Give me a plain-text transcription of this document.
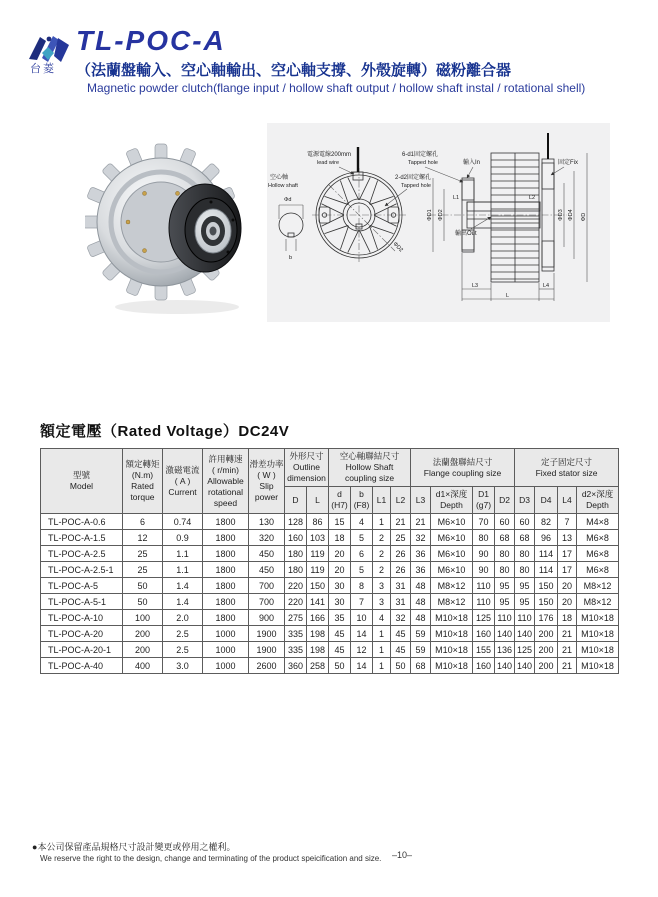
台菱
TL-POC-A
（法蘭盤輸入、空心軸輸出、空心軸支撐、外殼旋轉）磁粉離合器
Magnetic powder clutch(flange input / hollow shaft output / hollow shaft instal / rotational shell)
空心軸
Hollow shaft
Φd
b
ΦD2
電源電線200mm
lead wire
6-d1固定螺孔
Tapped hole
2-d2固定螺孔
Tapped hole
輸入In	固定Fix
輸出Out
L1	L2
ΦD1 ΦD2	ΦD3 ΦD4 ΦD
L3	L4
L

額定電壓（Rated Voltage）DC24V

型號
Model	額定轉矩
(N.m)
Rated
torque	激磁電流
( A )
Current	許用轉速
( r/min)
Allowable
rotational
speed	滑差功率
( W )
Slip
power	外形尺寸
Outline
dimension		空心軸聯結尺寸
Hollow Shaft
coupling size				法蘭盤聯結尺寸
Flange coupling size				定子固定尺寸
Fixed stator size			
					D	L	d
(H7)	b
(F8)	L1	L2	L3	d1×深度
Depth	D1
(g7)	D2	D3	D4	L4	d2×深度
Depth
TL-POC-A-0.6	6	0.74	1800	130	128	86	15	4	1	21	21	M6×10	70	60	60	82	7	M4×8
TL-POC-A-1.5	12	0.9	1800	320	160	103	18	5	2	25	32	M6×10	80	68	68	96	13	M6×8
TL-POC-A-2.5	25	1.1	1800	450	180	119	20	6	2	26	36	M6×10	90	80	80	114	17	M6×8
TL-POC-A-2.5-1	25	1.1	1800	450	180	119	20	5	2	26	36	M6×10	90	80	80	114	17	M6×8
TL-POC-A-5	50	1.4	1800	700	220	150	30	8	3	31	48	M8×12	110	95	95	150	20	M8×12
TL-POC-A-5-1	50	1.4	1800	700	220	141	30	7	3	31	48	M8×12	110	95	95	150	20	M8×12
TL-POC-A-10	100	2.0	1800	900	275	166	35	10	4	32	48	M10×18	125	110	110	176	18	M10×18
TL-POC-A-20	200	2.5	1000	1900	335	198	45	14	1	45	59	M10×18	160	140	140	200	21	M10×18
TL-POC-A-20-1	200	2.5	1000	1900	335	198	45	12	1	45	59	M10×18	155	136	125	200	21	M10×18
TL-POC-A-40	400	3.0	1000	2600	360	258	50	14	1	50	68	M10×18	160	140	140	200	21	M10×18
●本公司保留產品規格尺寸設計變更或停用之權利。
We reserve the right to the design, change and terminating of the product speicification and size. –10–
